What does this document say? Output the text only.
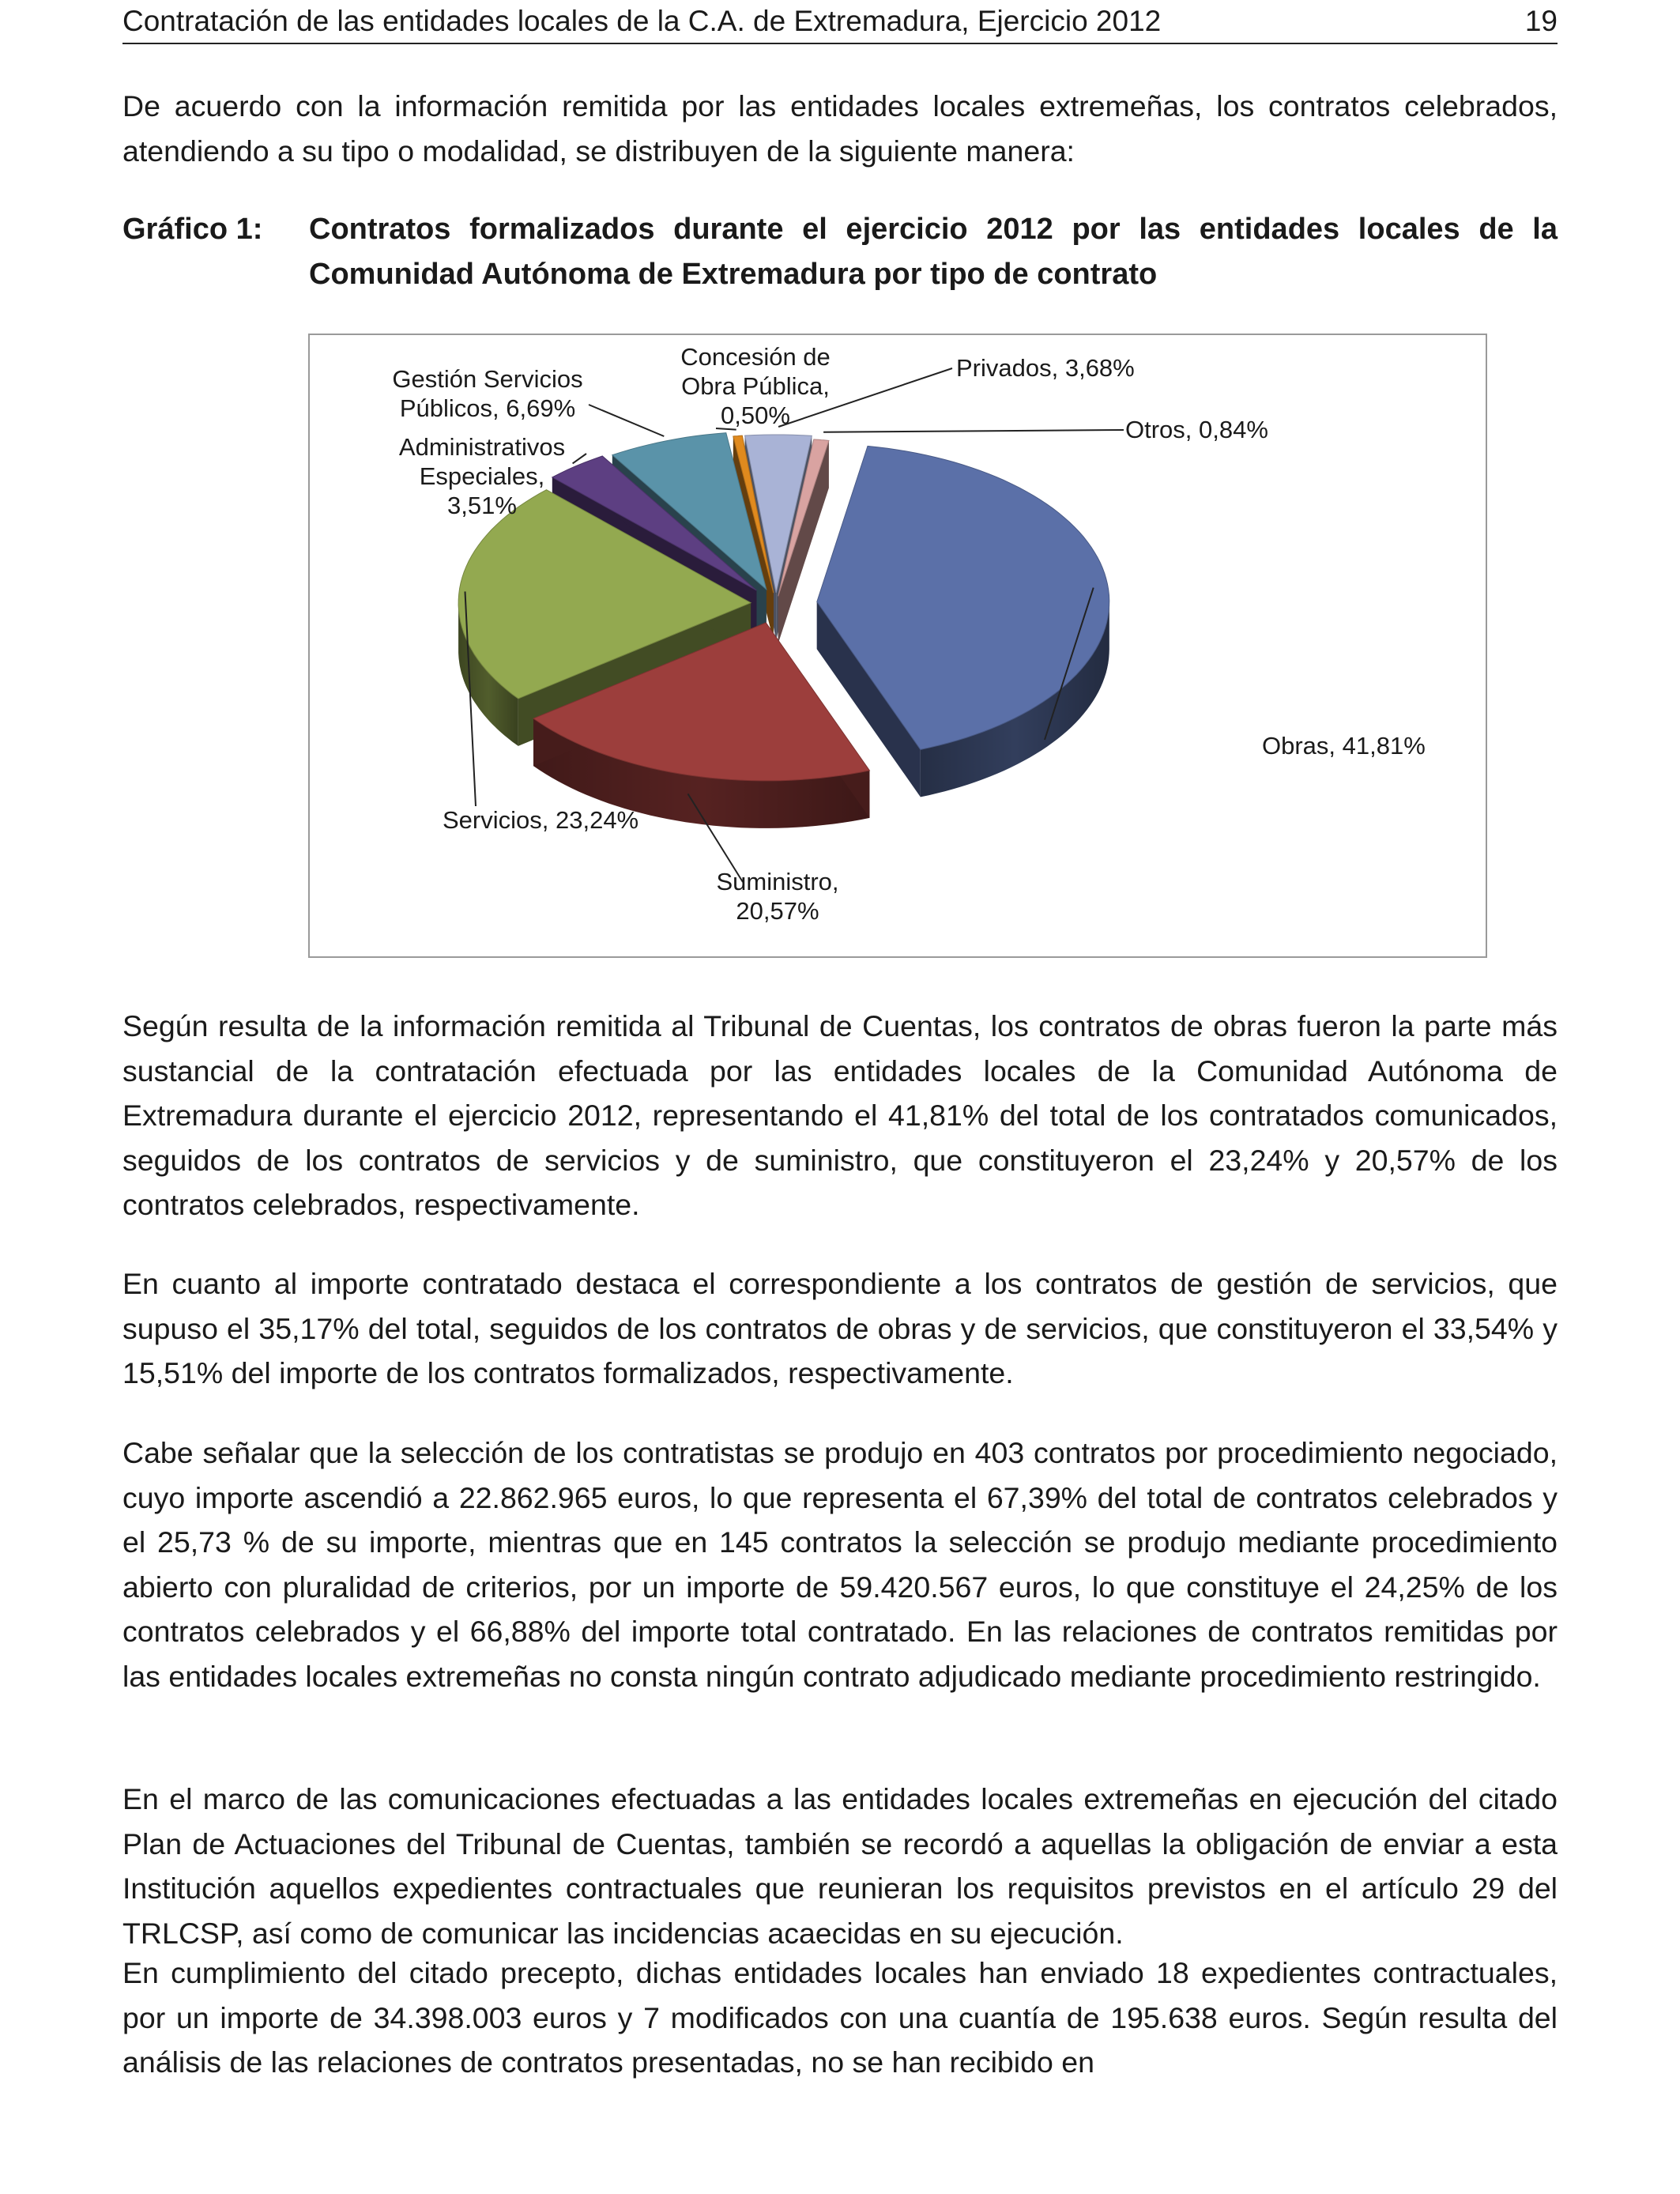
Contratación de las entidades locales de la C.A. de Extremadura, Ejercicio 2012	19

De acuerdo con la información remitida por las entidades locales extremeñas, los contratos celebrados, atendiendo a su tipo o modalidad, se distribuyen de la siguiente manera:

Gráfico 1: Contratos formalizados durante el ejercicio 2012 por las entidades locales de la Comunidad Autónoma de Extremadura por tipo de contrato
Obras, 41,81%
Suministro, 20,57%
Servicios, 23,24%
Administrativos Especiales, 3,51%
Gestión Servicios Públicos, 6,69%
Concesión de Obra Pública, 0,50%
Privados, 3,68%
Otros, 0,84%

Según resulta de la información remitida al Tribunal de Cuentas, los contratos de obras fueron la parte más sustancial de la contratación efectuada por las entidades locales de la Comunidad Autónoma de Extremadura durante el ejercicio 2012, representando el 41,81% del total de los contratados comunicados, seguidos de los contratos de servicios y de suministro, que constituyeron el 23,24% y 20,57% de los contratos celebrados, respectivamente.

En cuanto al importe contratado destaca el correspondiente a los contratos de gestión de servicios, que supuso el 35,17% del total, seguidos de los contratos de obras y de servicios, que constituyeron el 33,54% y 15,51% del importe de los contratos formalizados, respectivamente.

Cabe señalar que la selección de los contratistas se produjo en 403 contratos por procedimiento negociado, cuyo importe ascendió a 22.862.965 euros, lo que representa el 67,39% del total de contratos celebrados y el 25,73 % de su importe, mientras que en 145 contratos la selección se produjo mediante procedimiento abierto con pluralidad de criterios, por un importe de 59.420.567 euros, lo que constituye el 24,25% de los contratos celebrados y el 66,88% del importe total contratado. En las relaciones de contratos remitidas por las entidades locales extremeñas no consta ningún contrato adjudicado mediante procedimiento restringido.

En el marco de las comunicaciones efectuadas a las entidades locales extremeñas en ejecución del citado Plan de Actuaciones del Tribunal de Cuentas, también se recordó a aquellas la obligación de enviar a esta Institución aquellos expedientes contractuales que reunieran los requisitos previstos en el artículo 29 del TRLCSP, así como de comunicar las incidencias acaecidas en su ejecución.

En cumplimiento del citado precepto, dichas entidades locales han enviado 18 expedientes contractuales, por un importe de 34.398.003 euros y 7 modificados con una cuantía de 195.638 euros. Según resulta del análisis de las relaciones de contratos presentadas, no se han recibido en
